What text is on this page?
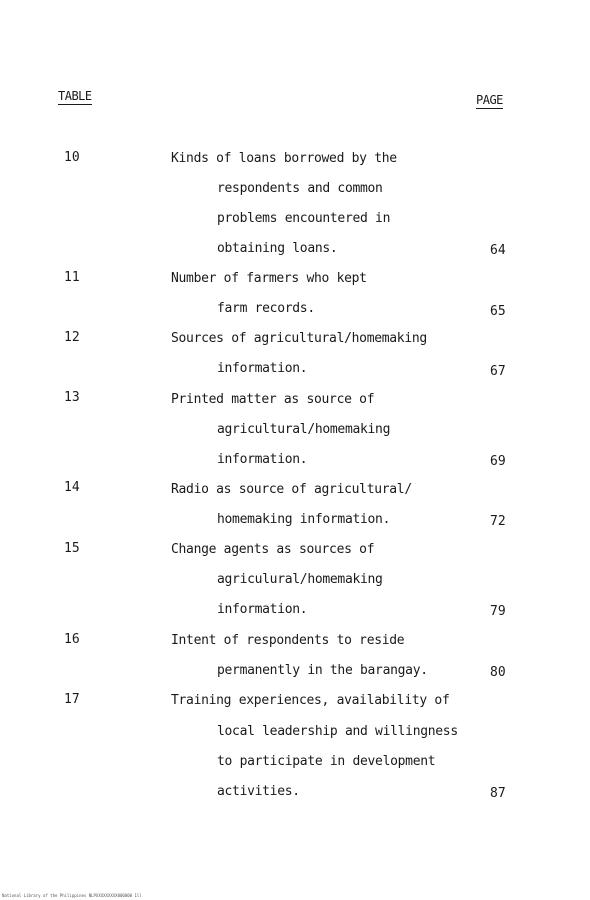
TABLE	PAGE
10	Kinds of loans borrowed by the
respondents and common
problems encountered in
obtaining loans.	64
11	Number of farmers who kept
farm records.	65
12	Sources of agricultural/homemaking
information.	67
13	Printed matter as source of
agricultural/homemaking
information.	69
14	Radio as source of agricultural/
homemaking information.	72
15	Change agents as sources of
agriculural/homemaking
information.	79
16	Intent of respondents to reside
permanently in the barangay.	80
17	Training experiences, availability of
local leadership and willingness
to participate in development
activities.	87
National Library of the Philippines NLPXXXXXXXXX000000 1ll
